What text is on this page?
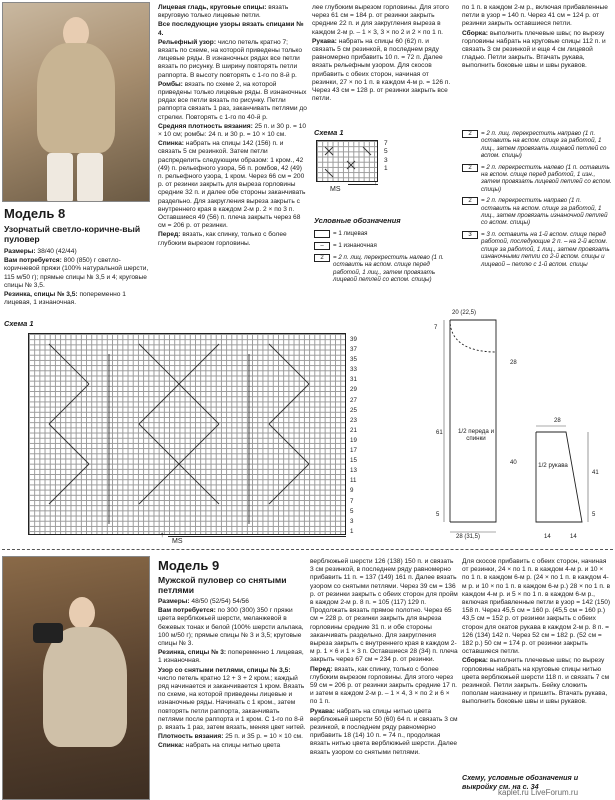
Модель 8
Узорчатый светло-коричне-вый пуловер

Размеры: 38/40 (42/44)

Вам потребуется: 800 (850) г светло-коричневой пряжи (100% натуральной шерсти, 115 м/50 г); прямые спицы № 3,5 и 4; круговые спицы № 3,5.

Резинка, спицы № 3,5: попеременно 1 лицевая, 1 изнаночная.

Лицевая гладь, круговые спицы: вязать вкруговую только лицевые петли.

Все последующие узоры вязать спицами № 4.

Рельефный узор: число петель кратно 7; вязать по схеме, на которой приведены только лицевые ряды. В изнаночных рядах все петли вязать по рисунку. В ширину повторять петли раппорта. В высоту повторять с 1-го по 8-й р.

Ромбы: вязать по схеме 2, на которой приведены только лицевые ряды. В изнаночных рядах все петли вязать по рисунку. Петли раппорта связать 1 раз, заканчивать петлями до стрелки. Повторять с 1-го по 40-й р.

Средняя плотность вязания: 25 п. и 30 р. = 10 × 10 см; ромбы: 24 п. и 30 р. = 10 × 10 см.

Спинка: набрать на спицы 142 (156) п. и связать 5 см резинкой. Затем петли распределить следующим образом: 1 кром., 42 (49) п. рельефного узора, 56 п. ромбов, 42 (49) п. рельефного узора, 1 кром. Через 66 см = 200 р. от резинки закрыть для выреза горловины средние 32 п. и далее обе стороны заканчивать раздельно. Для закругления выреза закрыть с внутреннего края в каждом 2-м р. 2 × по 3 п. Оставшиеся 49 (56) п. плеча закрыть через 68 см = 206 р. от резинки.

Перед: вязать, как спинку, только с более глубоким вырезом горловины.

лее глубоким вырезом горловины. Для этого через 61 см = 184 р. от резинки закрыть средние 22 п. и для закругления выреза в каждом 2-м р. – 1 × 3, 3 × по 2 и 2 × по 1 п.

Рукава: набрать на спицы 60 (62) п. и связать 5 см резинкой, в последнем ряду равномерно прибавить 10 п. = 72 п. Далее вязать рельефным узором. Для скосов прибавить с обеих сторон, начиная от резинки, 27 × по 1 п. в каждом 4-м р. = 126 п. Через 43 см = 128 р. от резинки закрыть все петли.

по 1 п. в каждом 2-м р., включая прибавленные петли в узор = 140 п. Через 41 см = 124 р. от резинки закрыть оставшиеся петли.

Сборка: выполнить плечевые швы; по вырезу горловины набрать на круговые спицы 112 п. и связать 3 см резинкой и еще 4 см лицевой гладью. Петли закрыть. Втачать рукава, выполнить боковые швы и швы рукавов.

Схема 1
7
5
3
1
MS
↑
Условные обозначения
= 1 лицевая
–	= 1 изнаночная
2	= 2 п. лиц. перекрестить налево (1 п. оставить на вспом. спице перед работой, 1 лиц., затем провязать лицевой петлей со вспом. спицы)
2	= 2 п. лиц. перекрестить направо (1 п. оставить на вспом. спице за работой, 1 лиц., затем провязать лицевой петлей со вспом. спицы)
2	= 2 п. перекрестить налево (1 п. оставить на вспом. спице перед работой, 1 изн., затем провязать лицевой петлей со вспом. спицы)
2	= 2 п. перекрестить направо (1 п. оставить на вспом. спице за работой, 1 лиц., затем провязать изнаночной петлей со вспом. спицы)
3	= 3 п. оставить на 1-й вспом. спице перед работой, последующие 2 п. – на 2-й вспом. спице за работой, 1 лиц., затем провязать изнаночными петли со 2-й вспом. спицы и лицевой – петлю с 1-й вспом. спицы
Схема 1
39
37
35
33
31
29
27
25
23
21
19
17
15
13
11
9
7
5
3
1
MS
↑
20 (22,5)
7
28
61
40
5
1/2 переда и спинки
28 (31,5)
28
1/2 рукава
41
5
14	14
Модель 9
Мужской пуловер со снятыми петлями

Размеры: 48/50 (52/54) 54/56

Вам потребуется: по 300 (300) 350 г пряжи цвета верблюжьей шерсти, меланжевой в бежевых тонах и белой (100% шерсти альпака, 100 м/50 г); прямые спицы № 3 и 3,5; круговые спицы № 3.

Резинка, спицы № 3: попеременно 1 лицевая, 1 изнаночная.

Узор со снятыми петлями, спицы № 3,5: число петель кратно 12 + 3 + 2 кром.; каждый ряд начинается и заканчивается 1 кром. Вязать по схеме, на которой приведены лицевые и изнаночные ряды. Начинать с 1 кром., затем повторять петли раппорта, заканчивать петлями после раппорта и 1 кром. С 1-го по 8-й р. вязать 1 раз, затем вязать, меняя цвет нитей.

Плотность вязания: 25 п. и 35 р. = 10 × 10 см.

Спинка: набрать на спицы нитью цвета

верблюжьей шерсти 126 (138) 150 п. и связать 3 см резинкой, в последнем ряду равномерно прибавить 11 п. = 137 (149) 161 п. Далее вязать узором со снятыми петлями. Через 39 см = 136 р. от резинки закрыть с обеих сторон для пройм в каждом 2-м р. 8 п. = 105 (117) 129 п. Продолжать вязать прямое полотно. Через 65 см = 228 р. от резинки закрыть для выреза горловины средние 31 п. и обе стороны заканчивать раздельно. Для закругления выреза закрыть с внутреннего края в каждом 2-м р. 1 × 6 и 1 × 3 п. Оставшиеся 28 (34) п. плеча закрыть через 67 см = 234 р. от резинки.

Перед: вязать, как спинку, только с более глубоким вырезом горловины. Для этого через 59 см = 206 р. от резинки закрыть средние 17 п. и затем в каждом 2-м р. – 1 × 4, 3 × по 2 и 6 × по 1 п.

Рукава: набрать на спицы нитью цвета верблюжьей шерсти 50 (60) 64 п. и связать 3 см резинкой, в последнем ряду равномерно прибавить 18 (14) 10 п. = 74 п., продолжая вязать нитью цвета верблюжьей шерсти. Далее вязать узором со снятыми петлями.

Для скосов прибавить с обеих сторон, начиная от резинки, 24 × по 1 п. в каждом 4-м р. и 10 × по 1 п. в каждом 6-м р. (24 × по 1 п. в каждом 4-м р. и 10 × по 1 п. в каждом 6-м р.) 28 × по 1 п. в каждом 4-м р. и 5 × по 1 п. в каждом 6-м р., включая прибавленные петли в узор = 142 (150) 158 п. Через 45,5 см = 160 р. (45,5 см = 160 р.) 43,5 см = 152 р. от резинки закрыть с обеих сторон для окатов рукава в каждом 2-м р. 8 п. = 126 (134) 142 п. Через 52 см = 182 р. (52 см = 182 р.) 50 см = 174 р. от резинки закрыть оставшиеся петли.

Сборка: выполнить плечевые швы; по вырезу горловины набрать на круговые спицы нитью цвета верблюжьей шерсти 118 п. и связать 7 см резинкой. Петли закрыть. Бейку сложить пополам наизнанку и пришить. Втачать рукава, выполнить боковые швы и швы рукавов.

Схему, условные обозначения и выкройку см. на с. 34
kaplet.ru LiveForum.ru
